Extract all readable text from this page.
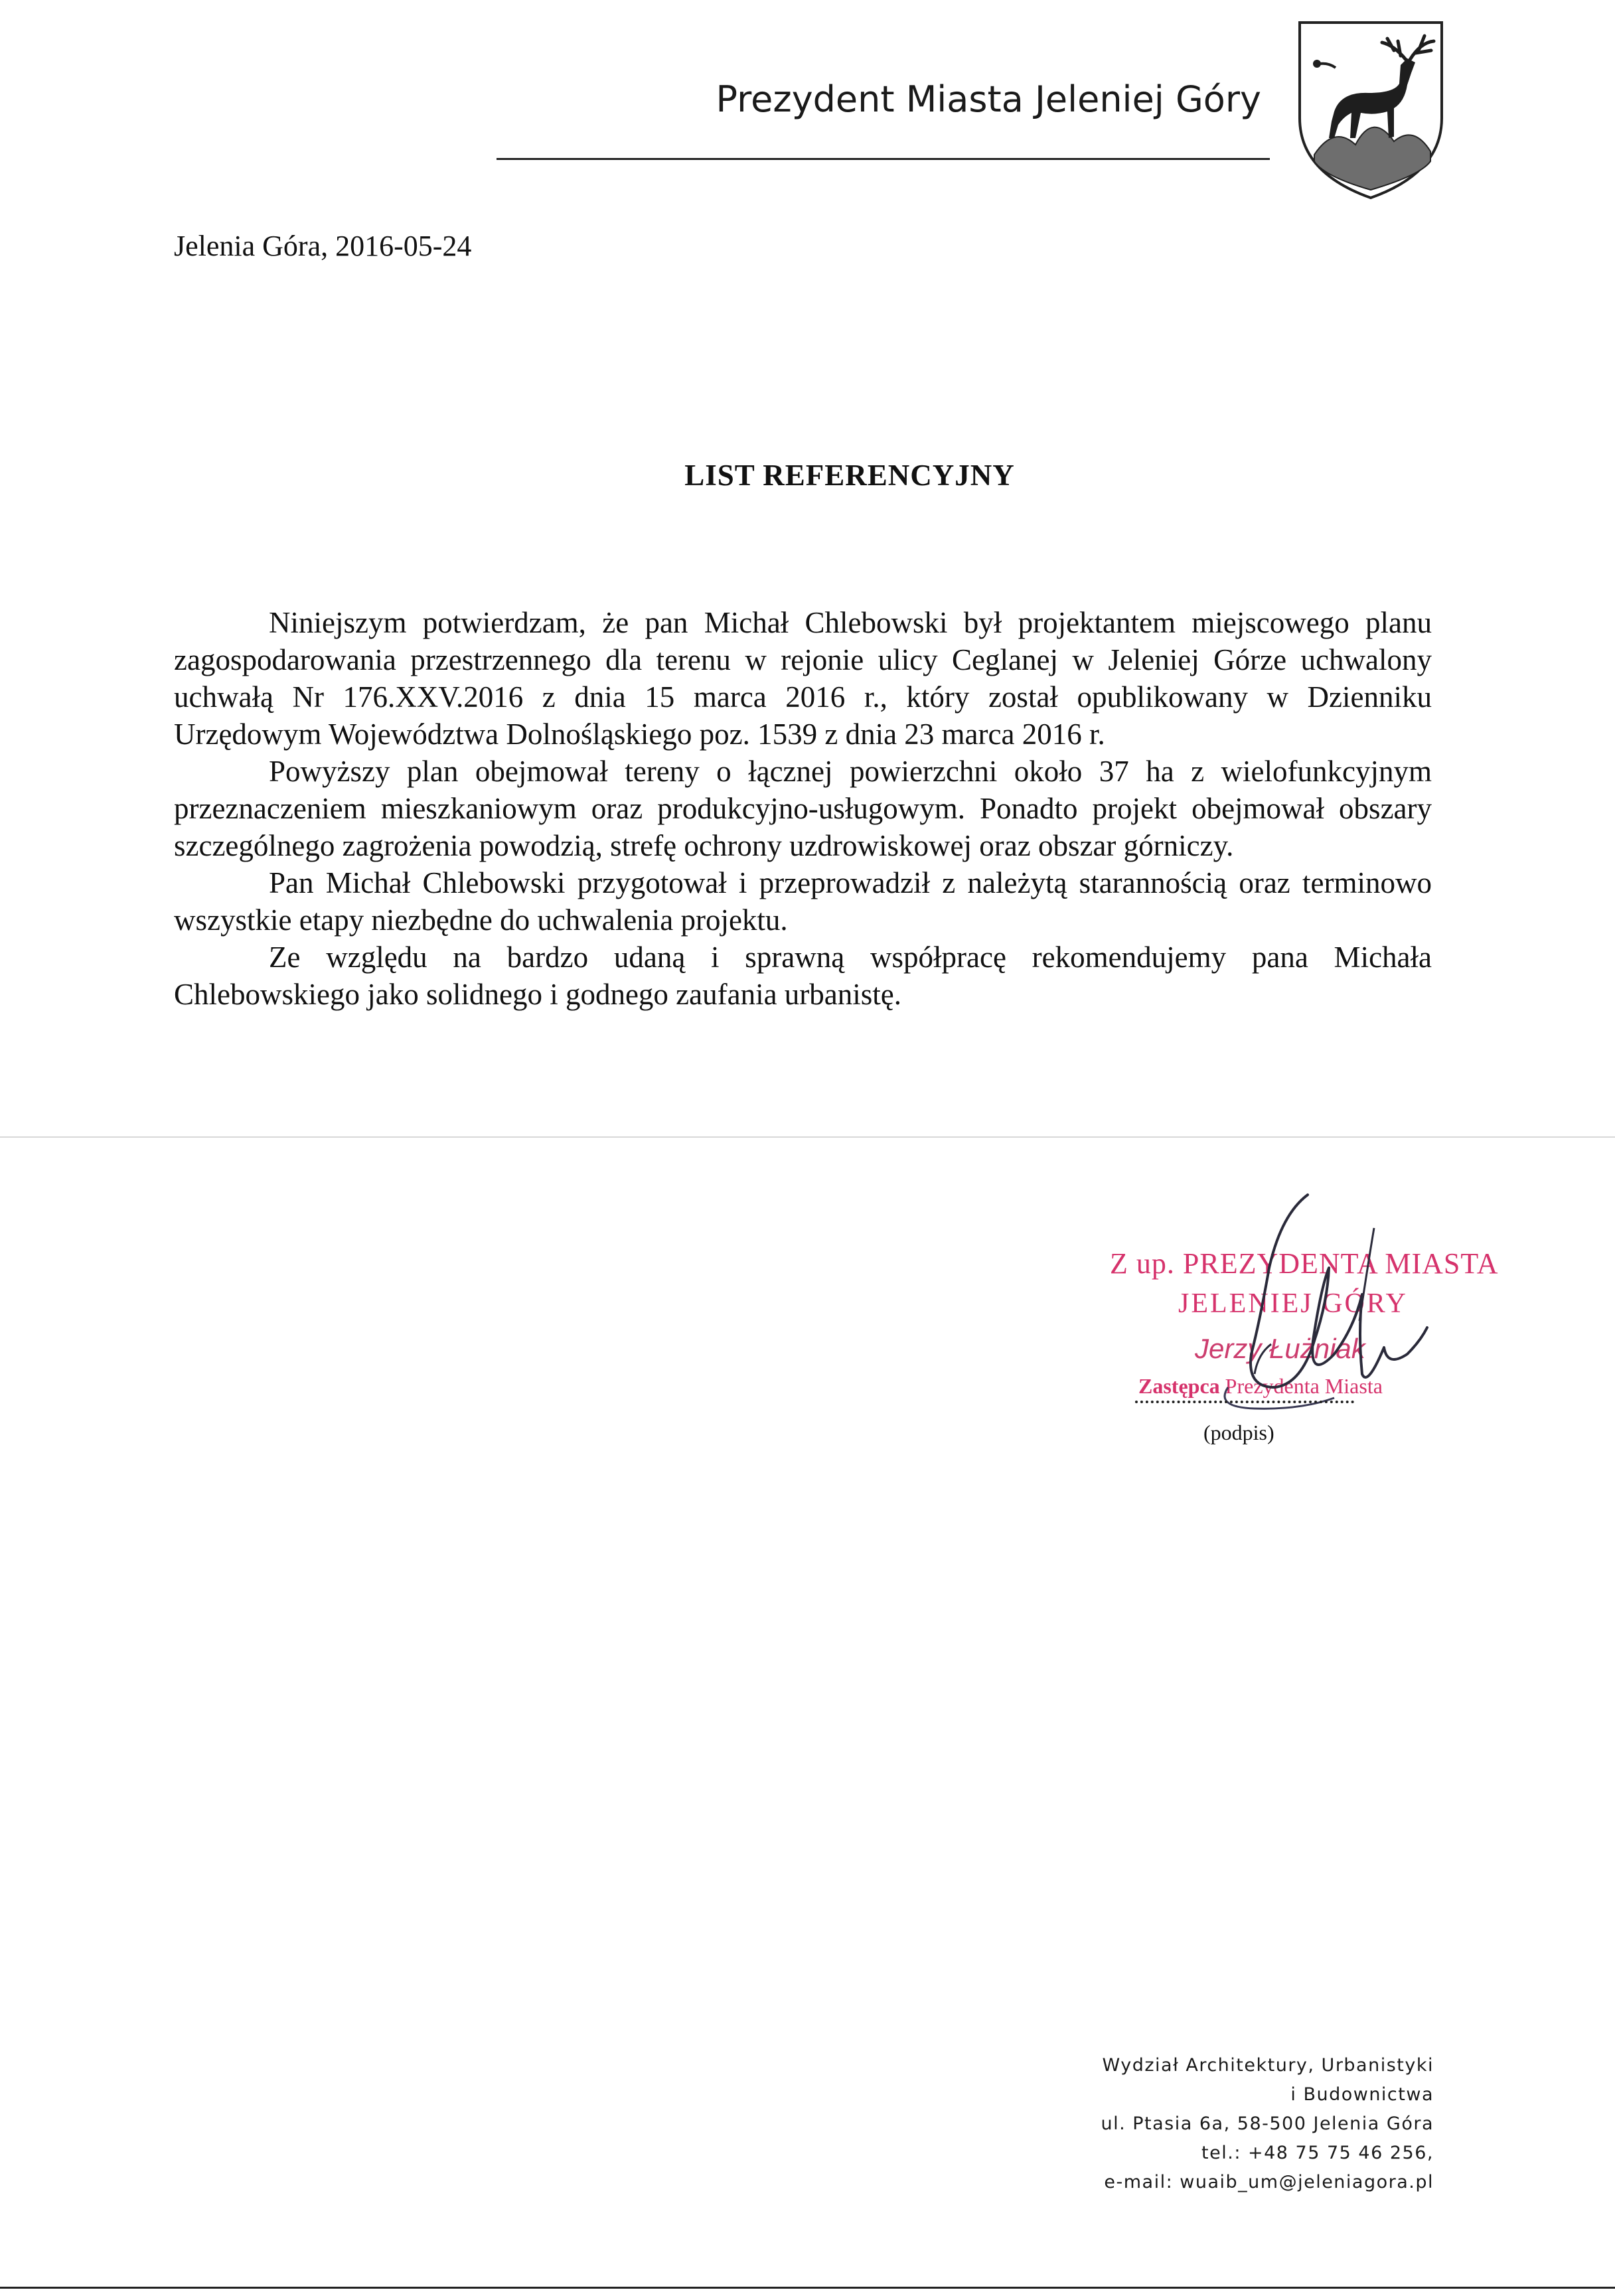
Prezydent Miasta Jeleniej Góry
Jelenia Góra, 2016-05-24
LIST REFERENCYJNY

Niniejszym potwierdzam, że pan Michał Chlebowski był projektantem miejscowego planu zagospodarowania przestrzennego dla terenu w rejonie ulicy Ceglanej w Jeleniej Górze uchwalony uchwałą Nr 176.XXV.2016 z dnia 15 marca 2016 r., który został opublikowany w Dzienniku Urzędowym Województwa Dolnośląskiego poz. 1539 z dnia 23 marca 2016 r.

Powyższy plan obejmował tereny o łącznej powierzchni około 37 ha z wielofunkcyjnym przeznaczeniem mieszkaniowym oraz produkcyjno-usługowym. Ponadto projekt obejmował obszary szczególnego zagrożenia powodzią, strefę ochrony uzdrowiskowej oraz obszar górniczy.

Pan Michał Chlebowski przygotował i przeprowadził z należytą starannością oraz terminowo wszystkie etapy niezbędne do uchwalenia projektu.

Ze względu na bardzo udaną i sprawną współpracę rekomendujemy pana Michała Chlebowskiego jako solidnego i godnego zaufania urbanistę.

Z up. PREZYDENTA MIASTA
JELENIEJ GÓRY
Jerzy Łużniak
Zastępca Prezydenta Miasta
(podpis)
Wydział Architektury, Urbanistyki
i Budownictwa
ul. Ptasia 6a, 58-500 Jelenia Góra
tel.: +48 75 75 46 256,
e-mail: wuaib_um@jeleniagora.pl
